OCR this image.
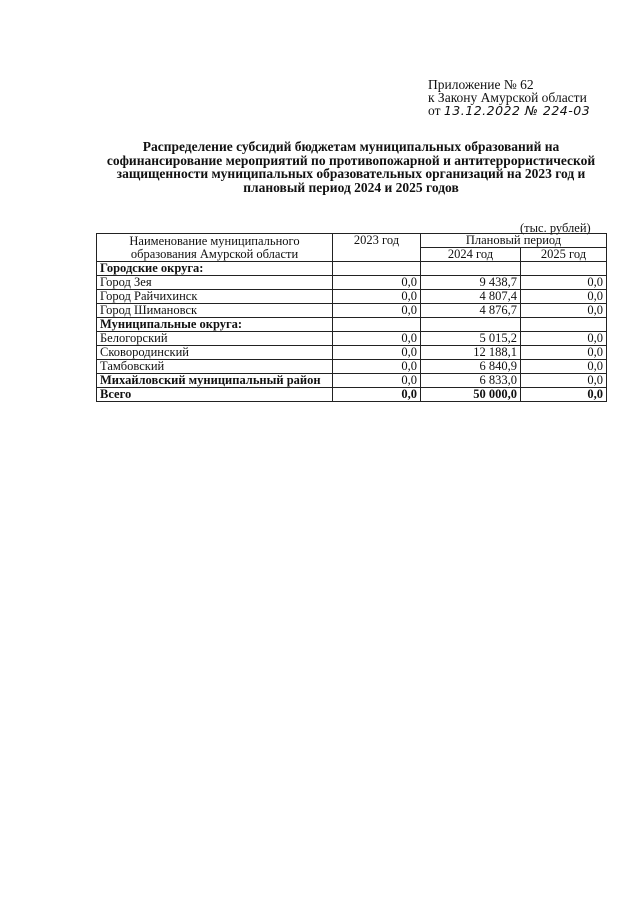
Приложение № 62
к Закону Амурской области
от 13.12.2022 № 224-03
Распределение субсидий бюджетам муниципальных образований на софинансирование мероприятий по противопожарной и антитеррористической защищенности муниципальных образовательных организаций на 2023 год и плановый период 2024 и 2025 годов
(тыс. рублей)
Наименование муниципального образования Амурской области	2023 год	Плановый период	
		2024 год	2025 год
Городские округа:			
Город Зея	0,0	9 438,7	0,0
Город Райчихинск	0,0	4 807,4	0,0
Город Шимановск	0,0	4 876,7	0,0
Муниципальные округа:			
Белогорский	0,0	5 015,2	0,0
Сковородинский	0,0	12 188,1	0,0
Тамбовский	0,0	6 840,9	0,0
Михайловский муниципальный район	0,0	6 833,0	0,0
Всего	0,0	50 000,0	0,0
